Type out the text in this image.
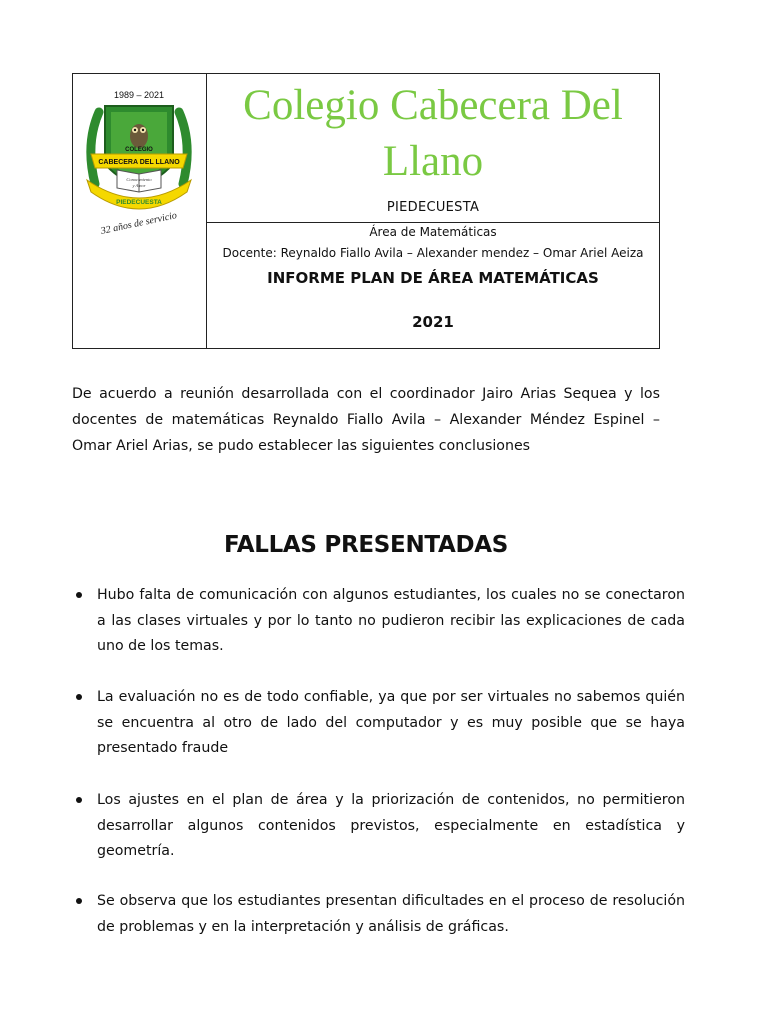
1989 – 2021
COLEGIO
CABECERA DEL LLANO
Conocimiento
y Amor
PIEDECUESTA
32 años de servicio
Colegio Cabecera Del
Llano
PIEDECUESTA
Área de Matemáticas
Docente: Reynaldo Fiallo Avila – Alexander mendez – Omar Ariel Aeiza
INFORME PLAN DE ÁREA MATEMÁTICAS
2021

De acuerdo a reunión desarrollada con el coordinador Jairo Arias Sequea y los docentes de matemáticas Reynaldo Fiallo Avila – Alexander Méndez Espinel – Omar Ariel Arias, se pudo establecer las siguientes conclusiones

FALLAS PRESENTADAS
Hubo falta de comunicación con algunos estudiantes, los cuales no se conectaron a las clases virtuales y por lo tanto no pudieron recibir las explicaciones de cada uno de los temas.
La evaluación no es de todo confiable, ya que por ser virtuales no sabemos quién se encuentra al otro de lado del computador y es muy posible que se haya presentado fraude
Los ajustes en el plan de área y la priorización de contenidos, no permitieron desarrollar algunos contenidos previstos, especialmente en estadística y geometría.
Se observa que los estudiantes presentan dificultades en el proceso de resolución de problemas y en la interpretación y análisis de gráficas.
